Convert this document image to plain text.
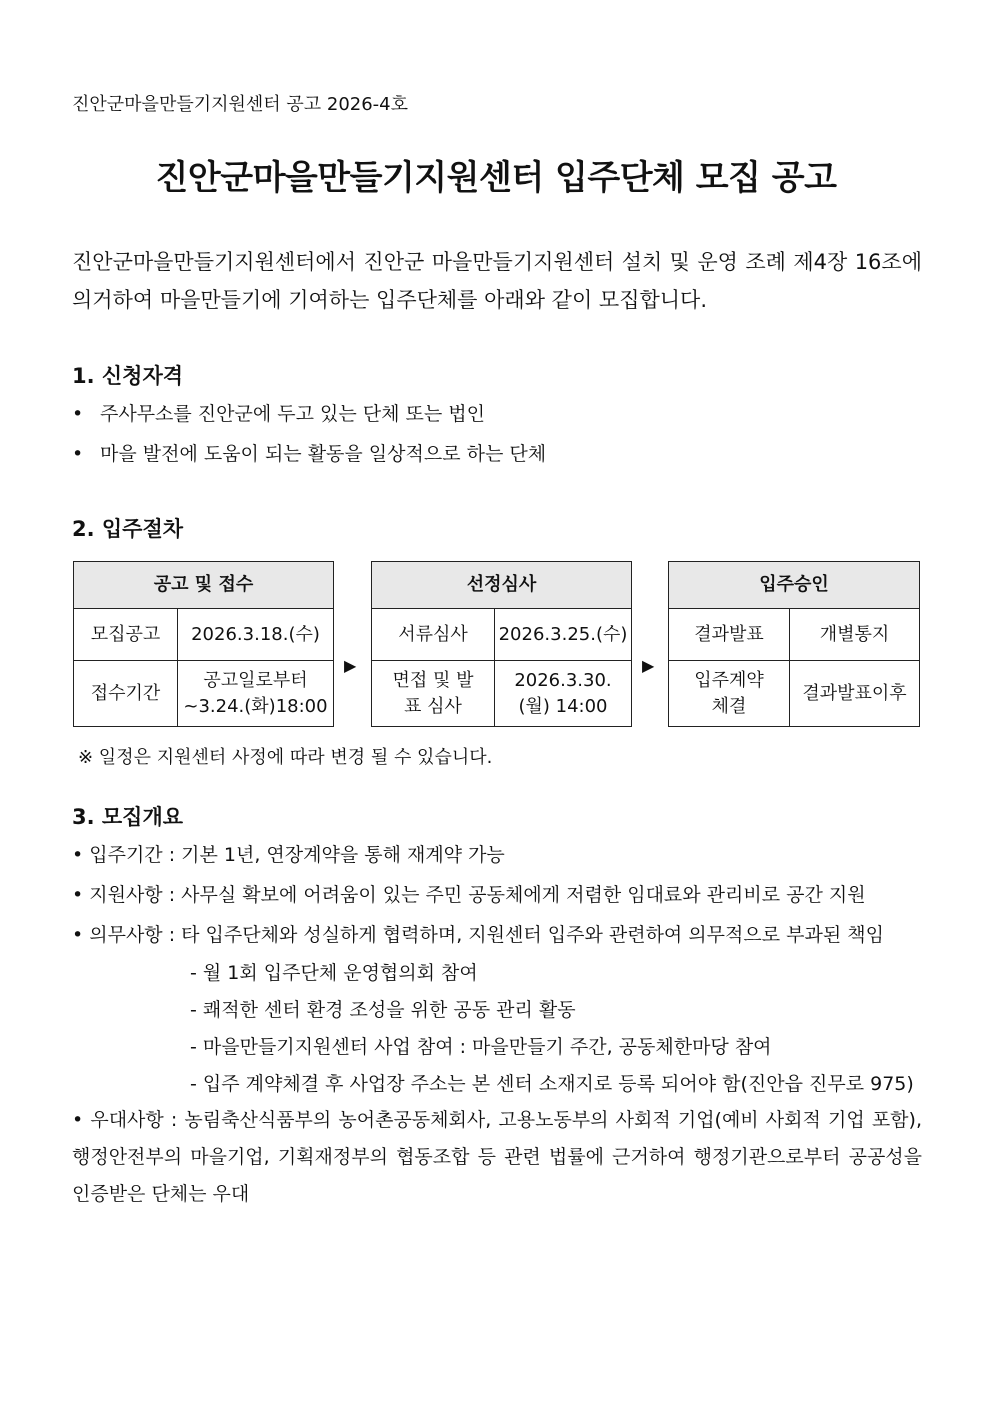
진안군마을만들기지원센터 공고 2026-4호
진안군마을만들기지원센터 입주단체 모집 공고
진안군마을만들기지원센터에서 진안군 마을만들기지원센터 설치 및 운영 조례 제4장 16조에 의거하여 마을만들기에 기여하는 입주단체를 아래와 같이 모집합니다.
1. 신청자격
• 주사무소를 진안군에 두고 있는 단체 또는 법인
• 마을 발전에 도움이 되는 활동을 일상적으로 하는 단체
2. 입주절차
공고 및 접수	
모집공고	2026.3.18.(수)
접수기간	공고일로부터 ~3.24.(화)18:00
▶
선정심사	
서류심사	2026.3.25.(수)
면접 및 발표 심사	2026.3.30.(월) 14:00
▶
입주승인	
결과발표	개별통지
입주계약 체결	결과발표이후
※ 일정은 지원센터 사정에 따라 변경 될 수 있습니다.
3. 모집개요
• 입주기간 : 기본 1년, 연장계약을 통해 재계약 가능
• 지원사항 : 사무실 확보에 어려움이 있는 주민 공동체에게 저렴한 임대료와 관리비로 공간 지원
• 의무사항 : 타 입주단체와 성실하게 협력하며, 지원센터 입주와 관련하여 의무적으로 부과된 책임
- 월 1회 입주단체 운영협의회 참여
- 쾌적한 센터 환경 조성을 위한 공동 관리 활동
- 마을만들기지원센터 사업 참여 : 마을만들기 주간, 공동체한마당 참여
- 입주 계약체결 후 사업장 주소는 본 센터 소재지로 등록 되어야 함(진안읍 진무로 975)
• 우대사항 : 농림축산식품부의 농어촌공동체회사, 고용노동부의 사회적 기업(예비 사회적 기업 포함), 행정안전부의 마을기업, 기획재정부의 협동조합 등 관련 법률에 근거하여 행정기관으로부터 공공성을 인증받은 단체는 우대
